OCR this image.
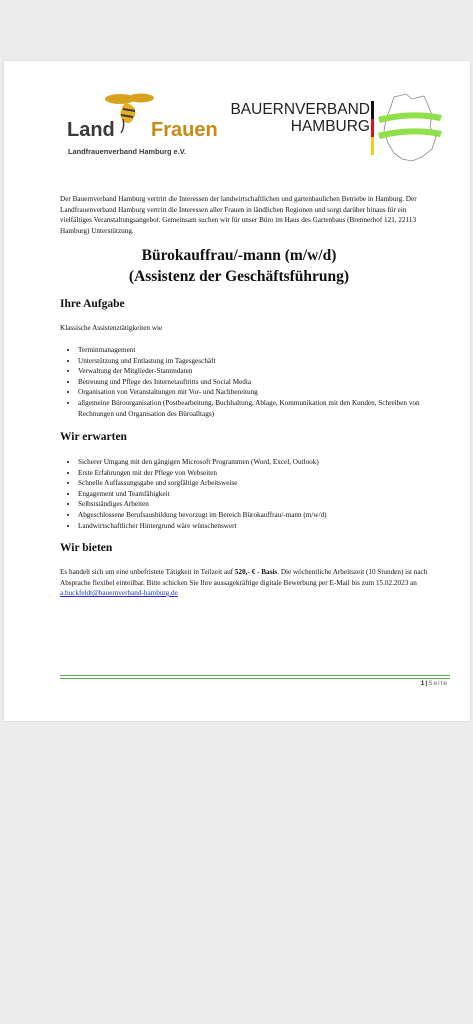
Land Frauen
Landfrauenverband Hamburg e.V.
BAUERNVERBAND
HAMBURG
Der Bauernverband Hamburg vertritt die Interessen der landwirtschaftlichen und gartenbaulichen Betriebe in Hamburg. Der Landfrauenverband Hamburg vertritt die Interessen aller Frauen in ländlichen Regionen und sorgt darüber hinaus für ein vielfältiges Veranstaltungsangebot. Gemeinsam suchen wir für unser Büro im Haus des Gartenbaus (Brennerhof 121, 22113 Hamburg) Unterstützung.
Bürokauffrau/-mann (m/w/d)
(Assistenz der Geschäftsführung)
Ihre Aufgabe
Klassische Assistenztätigkeiten wie
• Terminmanagement
• Unterstützung und Entlastung im Tagesgeschäft
• Verwaltung der Mitglieder-Stammdaten
• Betreuung und Pflege des Internetauftritts und Social Media
• Organisation von Veranstaltungen mit Vor- und Nachbereitung
• allgemeine Büroorganisation (Postbearbeitung, Buchhaltung, Ablage, Kommunikation mit den Kunden, Schreiben von Rechnungen und Organisation des Büroalltags)
Wir erwarten
• Sicherer Umgang mit den gängigen Microsoft Programmen (Word, Excel, Outlook)
• Erste Erfahrungen mit der Pflege von Webseiten
• Schnelle Auffassungsgabe und sorgfältige Arbeitsweise
• Engagement und Teamfähigkeit
• Selbstständiges Arbeiten
• Abgeschlossene Berufsausbildung bevorzugt im Bereich Bürokauffrau/-mann (m/w/d)
• Landwirtschaftlicher Hintergrund wäre wünschenswert
Wir bieten
Es handelt sich um eine unbefristete Tätigkeit in Teilzeit auf 520,- € - Basis. Die wöchentliche Arbeitszeit (10 Stunden) ist nach Absprache flexibel einteilbar. Bitte schicken Sie Ihre aussagekräftige digitale Bewerbung per E-Mail bis zum 15.02.2023 an a.huckfeldt@bauernverband-hamburg.de
1|Seite
